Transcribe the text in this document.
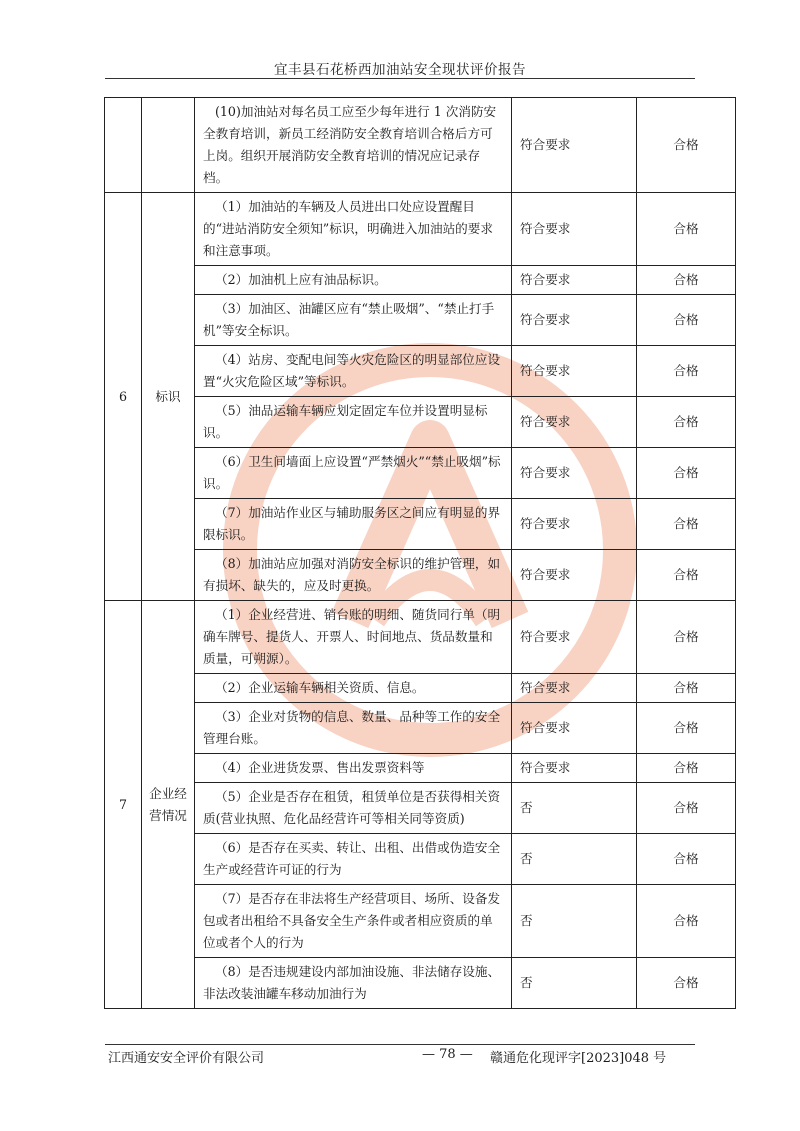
宜丰县石花桥西加油站安全现状评价报告
		(10)加油站对每名员工应至少每年进行 1 次消防安全教育培训，新员工经消防安全教育培训合格后方可上岗。组织开展消防安全教育培训的情况应记录存档。	符合要求	合格
6	标识	（1）加油站的车辆及人员进出口处应设置醒目的“进站消防安全须知”标识，明确进入加油站的要求和注意事项。	符合要求	合格
		（2）加油机上应有油品标识。	符合要求	合格
		（3）加油区、油罐区应有“禁止吸烟”、“禁止打手机”等安全标识。	符合要求	合格
		（4）站房、变配电间等火灾危险区的明显部位应设置“火灾危险区域”等标识。	符合要求	合格
		（5）油品运输车辆应划定固定车位并设置明显标识。	符合要求	合格
		（6）卫生间墙面上应设置“严禁烟火”“禁止吸烟”标识。	符合要求	合格
		（7）加油站作业区与辅助服务区之间应有明显的界限标识。	符合要求	合格
		（8）加油站应加强对消防安全标识的维护管理，如有损坏、缺失的，应及时更换。	符合要求	合格
7	企业经营情况	（1）企业经营进、销台账的明细、随货同行单（明确车牌号、提货人、开票人、时间地点、货品数量和质量，可朔源）。	符合要求	合格
		（2）企业运输车辆相关资质、信息。	符合要求	合格
		（3）企业对货物的信息、数量、品种等工作的安全管理台账。	符合要求	合格
		（4）企业进货发票、售出发票资料等	符合要求	合格
		（5）企业是否存在租赁，租赁单位是否获得相关资质(营业执照、危化品经营许可等相关同等资质)	否	合格
		（6）是否存在买卖、转让、出租、出借或伪造安全生产或经营许可证的行为	否	合格
		（7）是否存在非法将生产经营项目、场所、设备发包或者出租给不具备安全生产条件或者相应资质的单位或者个人的行为	否	合格
		（8）是否违规建设内部加油设施、非法储存设施、非法改装油罐车移动加油行为	否	合格
江西通安安全评价有限公司	— 78 — 赣通危化现评字[2023]048 号
